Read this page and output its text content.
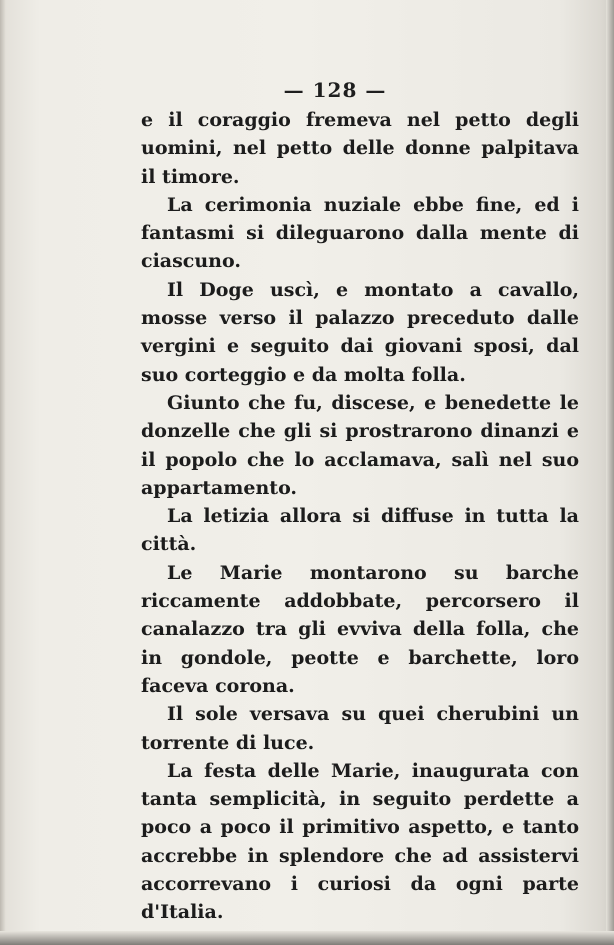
— 128 —

e il coraggio fremeva nel petto degli uomini, nel petto delle donne palpitava il timore.

La cerimonia nuziale ebbe fine, ed i fantasmi si dileguarono dalla mente di ciascuno.

Il Doge uscì, e montato a cavallo, mosse verso il palazzo preceduto dalle vergini e seguito dai giovani sposi, dal suo corteggio e da molta folla.

Giunto che fu, discese, e benedette le donzelle che gli si prostrarono dinanzi e il popolo che lo acclamava, salì nel suo appartamento.

La letizia allora si diffuse in tutta la città.

Le Marie montarono su barche riccamente addobbate, percorsero il canalazzo tra gli evviva della folla, che in gondole, peotte e barchette, loro faceva corona.

Il sole versava su quei cherubini un torrente di luce.

La festa delle Marie, inaugurata con tanta semplicità, in seguito perdette a poco a poco il primitivo aspetto, e tanto accrebbe in splendore che ad assistervi accorrevano i curiosi da ogni parte d'Italia.
